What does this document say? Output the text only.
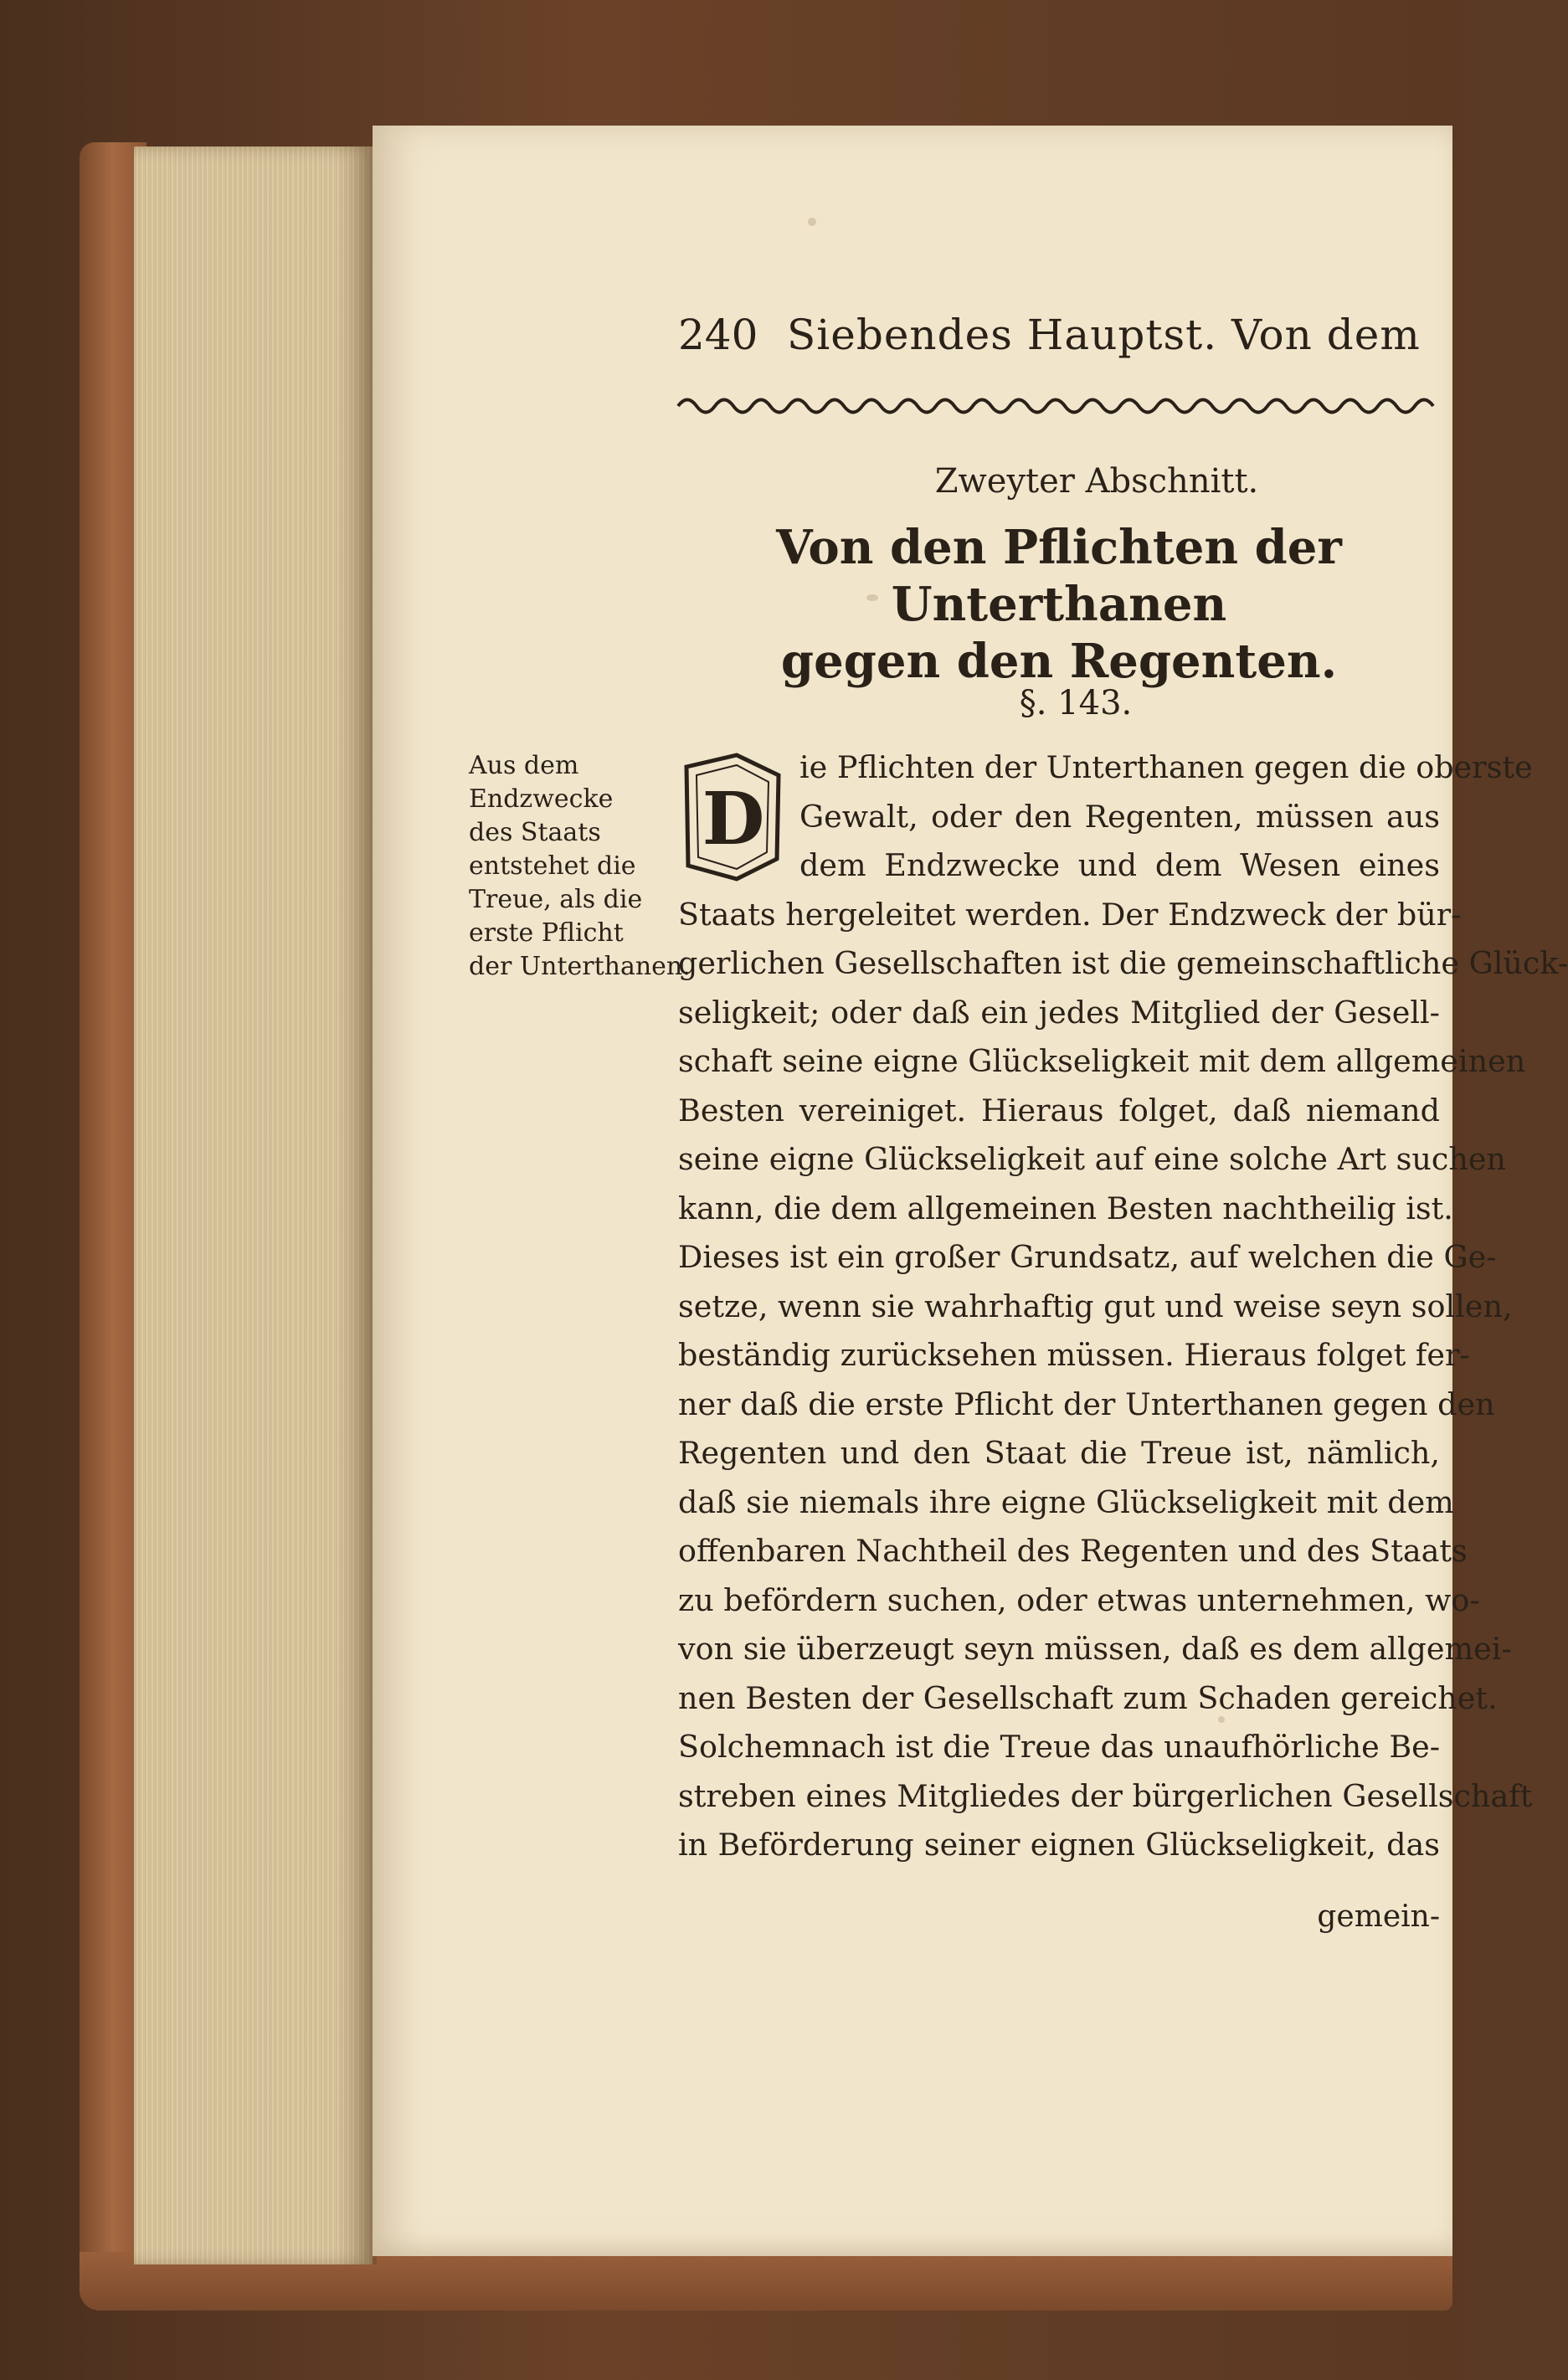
240 Siebendes Hauptst. Von dem
Zweyter Abschnitt.
Von den Pflichten der Unterthanen
gegen den Regenten.
§. 143.
Aus dem
Endzwecke
des Staats
entstehet die
Treue, als die
erste Pflicht
der Unterthanen.
D
ie Pflichten der Unterthanen gegen die oberste
Gewalt, oder den Regenten, müssen aus
dem Endzwecke und dem Wesen eines
Staats hergeleitet werden. Der Endzweck der bür-
gerlichen Gesellschaften ist die gemeinschaftliche Glück-
seligkeit; oder daß ein jedes Mitglied der Gesell-
schaft seine eigne Glückseligkeit mit dem allgemeinen
Besten vereiniget. Hieraus folget, daß niemand
seine eigne Glückseligkeit auf eine solche Art suchen
kann, die dem allgemeinen Besten nachtheilig ist.
Dieses ist ein großer Grundsatz, auf welchen die Ge-
setze, wenn sie wahrhaftig gut und weise seyn sollen,
beständig zurücksehen müssen. Hieraus folget fer-
ner daß die erste Pflicht der Unterthanen gegen den
Regenten und den Staat die Treue ist, nämlich,
daß sie niemals ihre eigne Glückseligkeit mit dem
offenbaren Nachtheil des Regenten und des Staats
zu befördern suchen, oder etwas unternehmen, wo-
von sie überzeugt seyn müssen, daß es dem allgemei-
nen Besten der Gesellschaft zum Schaden gereichet.
Solchemnach ist die Treue das unaufhörliche Be-
streben eines Mitgliedes der bürgerlichen Gesellschaft
in Beförderung seiner eignen Glückseligkeit, das
gemein-
